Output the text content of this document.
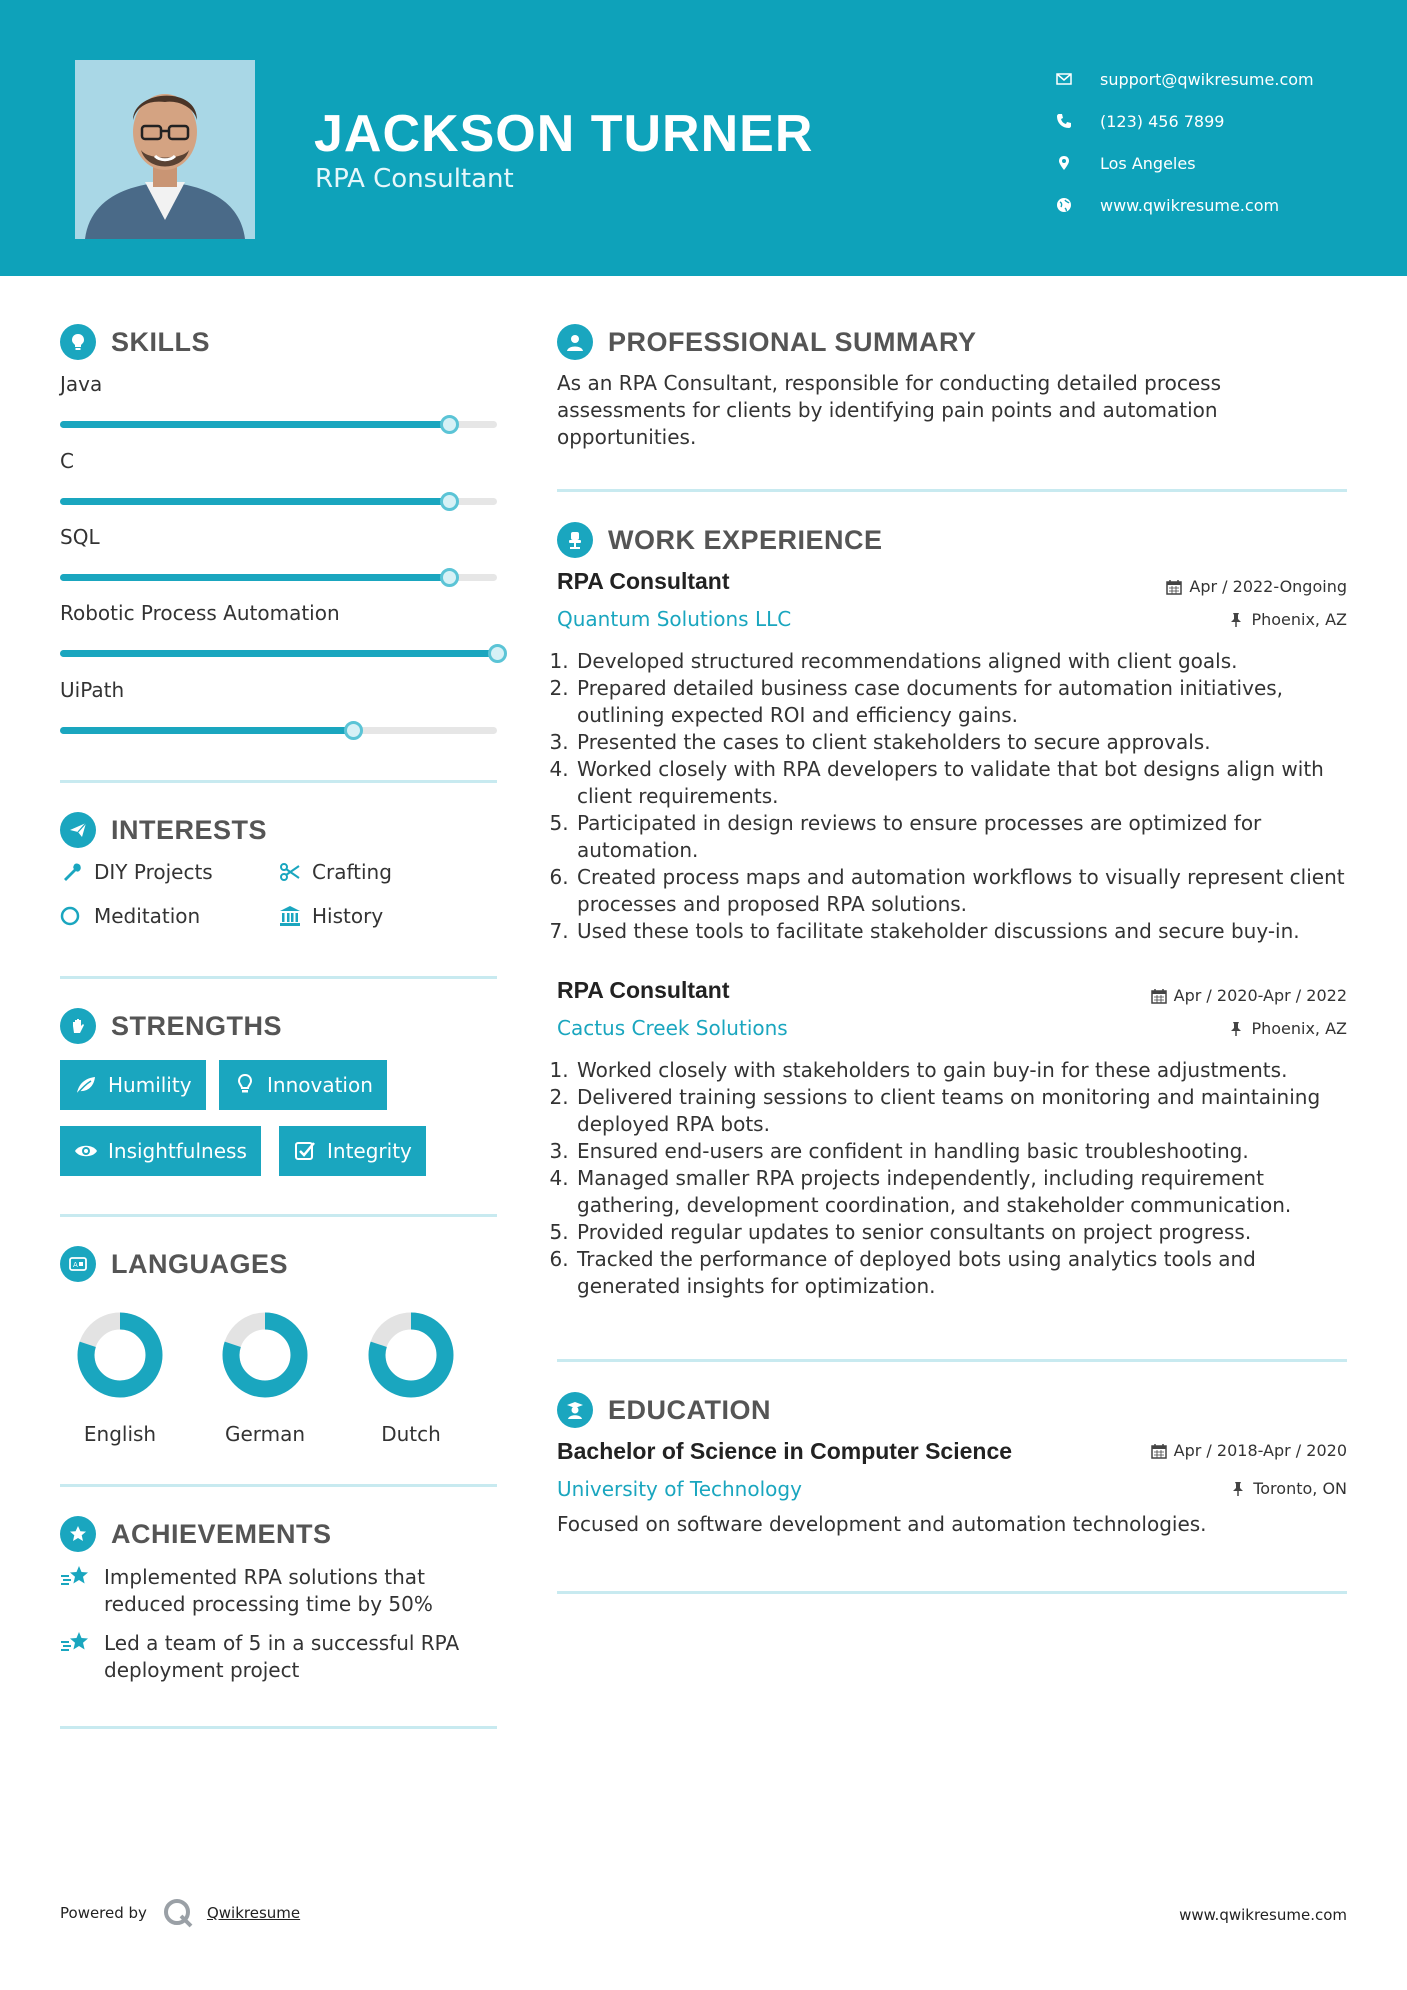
JACKSON TURNER
RPA Consultant
support@qwikresume.com
(123) 456 7899
Los Angeles
www.qwikresume.com
SKILLS
Java
C
SQL
Robotic Process Automation
UiPath
INTERESTS
DIY Projects	Crafting
Meditation	History
STRENGTHS
Humility	Innovation
Insightfulness	Integrity
A LANGUAGES
English	German	Dutch
ACHIEVEMENTS
Implemented RPA solutions that reduced processing time by 50%
Led a team of 5 in a successful RPA deployment project
PROFESSIONAL SUMMARY
As an RPA Consultant, responsible for conducting detailed process assessments for clients by identifying pain points and automation opportunities.
WORK EXPERIENCE
RPA Consultant
Quantum Solutions LLC
Apr / 2022-Ongoing
Phoenix, AZ
1. Developed structured recommendations aligned with client goals.
2. Prepared detailed business case documents for automation initiatives, outlining expected ROI and efficiency gains.
3. Presented the cases to client stakeholders to secure approvals.
4. Worked closely with RPA developers to validate that bot designs align with client requirements.
5. Participated in design reviews to ensure processes are optimized for automation.
6. Created process maps and automation workflows to visually represent client processes and proposed RPA solutions.
7. Used these tools to facilitate stakeholder discussions and secure buy-in.
RPA Consultant
Cactus Creek Solutions
Apr / 2020-Apr / 2022
Phoenix, AZ
1. Worked closely with stakeholders to gain buy-in for these adjustments.
2. Delivered training sessions to client teams on monitoring and maintaining deployed RPA bots.
3. Ensured end-users are confident in handling basic troubleshooting.
4. Managed smaller RPA projects independently, including requirement gathering, development coordination, and stakeholder communication.
5. Provided regular updates to senior consultants on project progress.
6. Tracked the performance of deployed bots using analytics tools and generated insights for optimization.
EDUCATION
Bachelor of Science in Computer Science
University of Technology
Apr / 2018-Apr / 2020
Toronto, ON
Focused on software development and automation technologies.
Powered by	Qwikresume	www.qwikresume.com
